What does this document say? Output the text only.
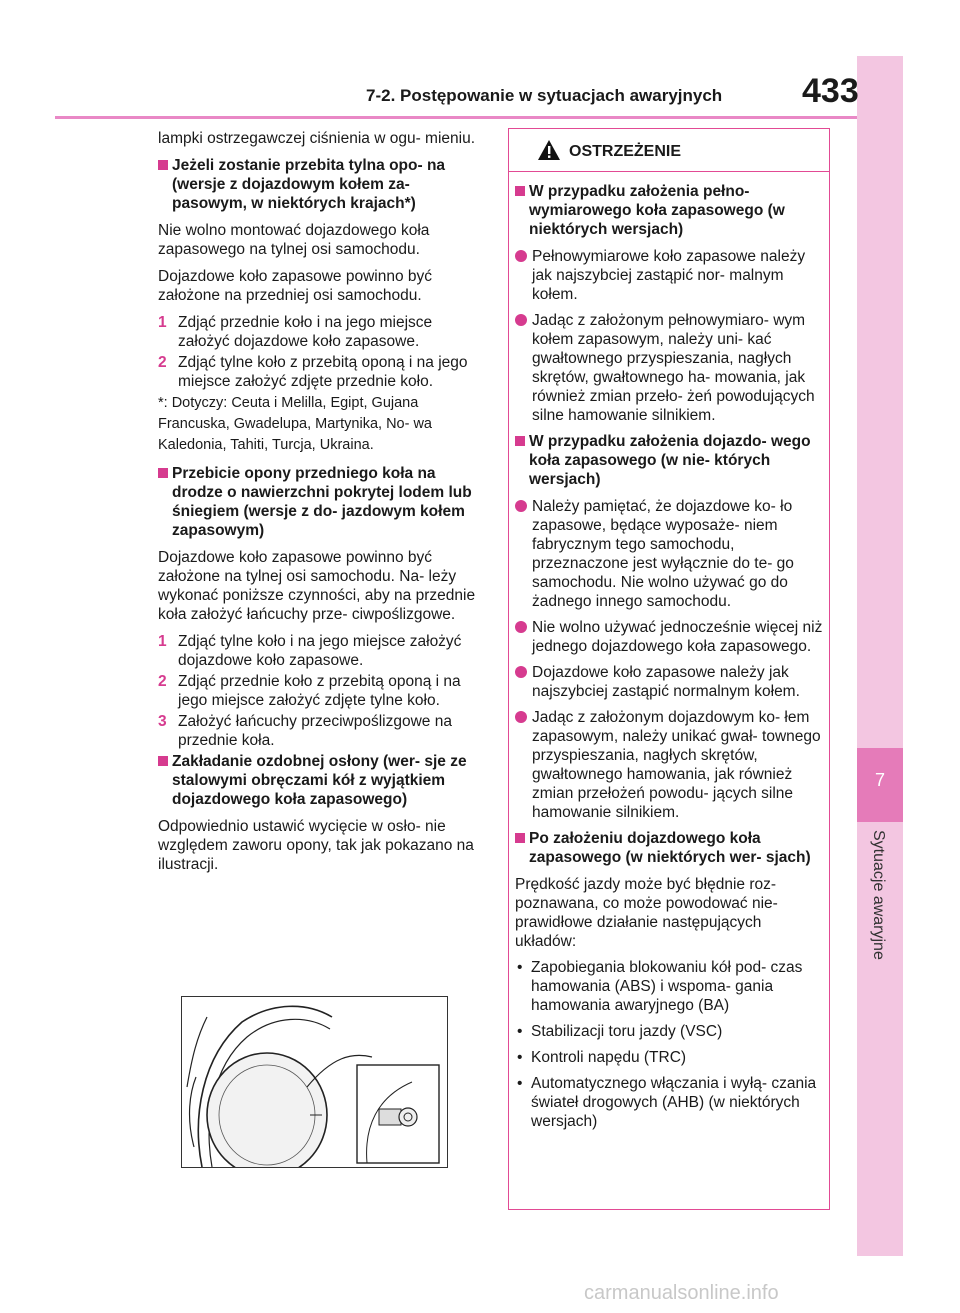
7
Sytuacje awaryjne
7-2. Postępowanie w sytuacjach awaryjnych 433

lampki ostrzegawczej ciśnienia w ogu- mieniu.

Jeżeli zostanie przebita tylna opo- na (wersje z dojazdowym kołem za- pasowym, w niektórych krajach*)

Nie wolno montować dojazdowego koła zapasowego na tylnej osi samochodu.

Dojazdowe koło zapasowe powinno być założone na przedniej osi samochodu.

1 Zdjąć przednie koło i na jego miejsce założyć dojazdowe koło zapasowe.
2 Zdjąć tylne koło z przebitą oponą i na jego miejsce założyć zdjęte przednie koło.

*: Dotyczy: Ceuta i Melilla, Egipt, Gujana Francuska, Gwadelupa, Martynika, No- wa Kaledonia, Tahiti, Turcja, Ukraina.

Przebicie opony przedniego koła na drodze o nawierzchni pokrytej lodem lub śniegiem (wersje z do- jazdowym kołem zapasowym)

Dojazdowe koło zapasowe powinno być założone na tylnej osi samochodu. Na- leży wykonać poniższe czynności, aby na przednie koła założyć łańcuchy prze- ciwpoślizgowe.

1 Zdjąć tylne koło i na jego miejsce założyć dojazdowe koło zapasowe.
2 Zdjąć przednie koło z przebitą oponą i na jego miejsce założyć zdjęte tylne koło.
3 Założyć łańcuchy przeciwpoślizgowe na przednie koła.
Zakładanie ozdobnej osłony (wer- sje ze stalowymi obręczami kół z wyjątkiem dojazdowego koła zapasowego)

Odpowiednio ustawić wycięcie w osło- nie względem zaworu opony, tak jak pokazano na ilustracji.

OSTRZEŻENIE
W przypadku założenia pełno- wymiarowego koła zapasowego (w niektórych wersjach)
Pełnowymiarowe koło zapasowe należy jak najszybciej zastąpić nor- malnym kołem.
Jadąc z założonym pełnowymiaro- wym kołem zapasowym, należy uni- kać gwałtownego przyspieszania, nagłych skrętów, gwałtownego ha- mowania, jak również zmian przeło- żeń powodujących silne hamowanie silnikiem.
W przypadku założenia dojazdo- wego koła zapasowego (w nie- których wersjach)
Należy pamiętać, że dojazdowe ko- ło zapasowe, będące wyposaże- niem fabrycznym tego samochodu, przeznaczone jest wyłącznie do te- go samochodu. Nie wolno używać go do żadnego innego samochodu.
Nie wolno używać jednocześnie więcej niż jednego dojazdowego koła zapasowego.
Dojazdowe koło zapasowe należy jak najszybciej zastąpić normalnym kołem.
Jadąc z założonym dojazdowym ko- łem zapasowym, należy unikać gwał- townego przyspieszania, nagłych skrętów, gwałtownego hamowania, jak również zmian przełożeń powodu- jących silne hamowanie silnikiem.
Po założeniu dojazdowego koła zapasowego (w niektórych wer- sjach)

Prędkość jazdy może być błędnie roz- poznawana, co może powodować nie- prawidłowe działanie następujących układów:

• Zapobiegania blokowaniu kół pod- czas hamowania (ABS) i wspoma- gania hamowania awaryjnego (BA)
• Stabilizacji toru jazdy (VSC)
• Kontroli napędu (TRC)
• Automatycznego włączania i wyłą- czania świateł drogowych (AHB) (w niektórych wersjach)
carmanualsonline.info
